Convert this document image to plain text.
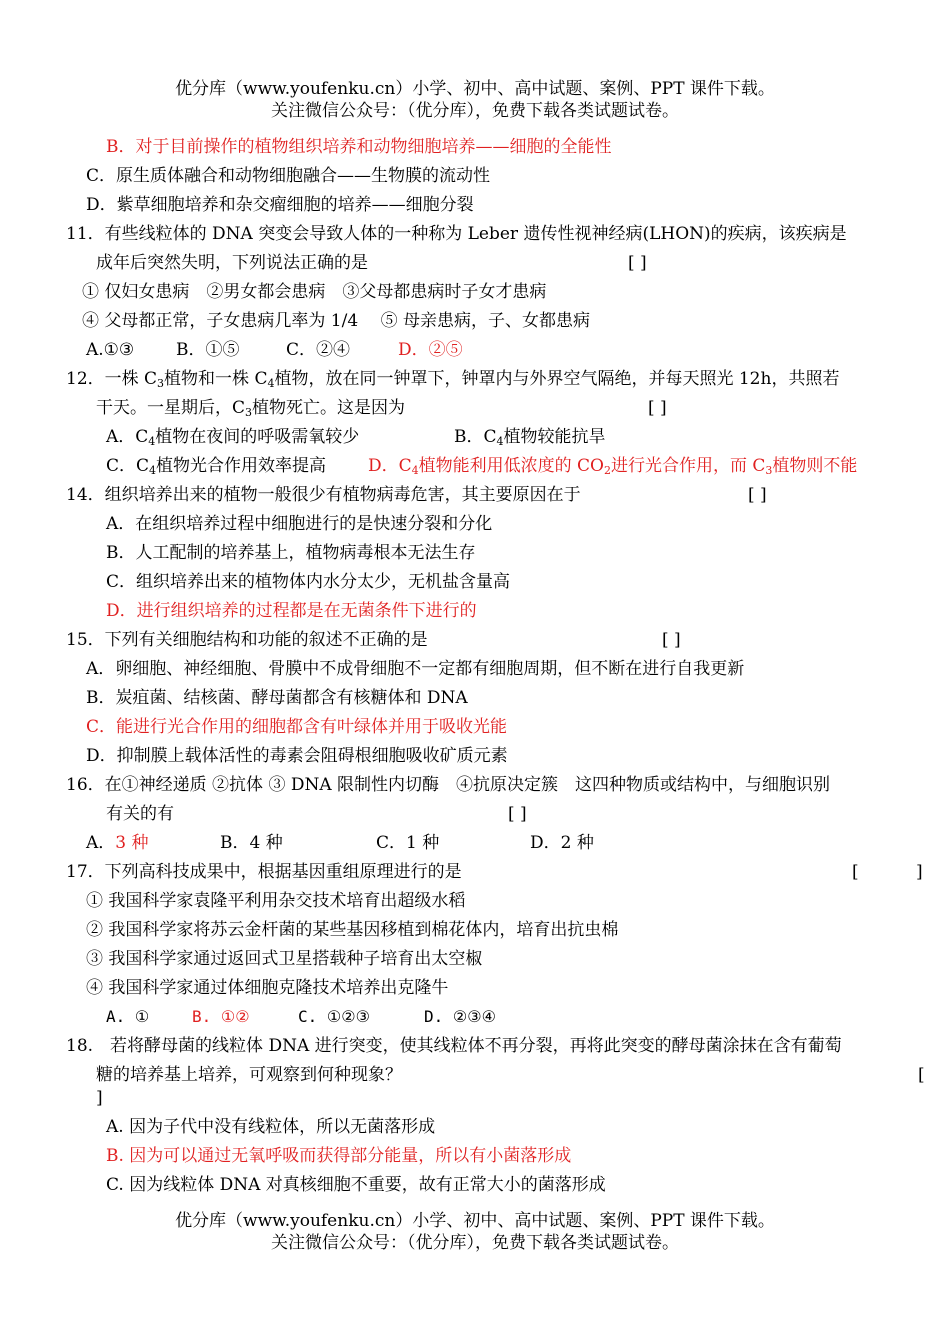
优分库（www.youfenku.cn）小学、初中、高中试题、案例、PPT 课件下载。
关注微信公众号：（优分库），免费下载各类试题试卷。
B．对于目前操作的植物组织培养和动物细胞培养——细胞的全能性
C．原生质体融合和动物细胞融合——生物膜的流动性
D．紫草细胞培养和杂交瘤细胞的培养——细胞分裂
11．有些线粒体的 DNA 突变会导致人体的一种称为 Leber 遗传性视神经病(LHON)的疾病，该疾病是
成年后突然失明，下列说法正确的是	[ ]
① 仅妇女患病　②男女都会患病　③父母都患病时子女才患病
④ 父母都正常，子女患病几率为 1/4　 ⑤ 母亲患病，子、女都患病
A.①③ B．①⑤	C．②④	D．②⑤
12．一株 $C_3$植物和一株 $C_4$植物，放在同一钟罩下，钟罩内与外界空气隔绝，并每天照光 12h，共照若
干天。一星期后，$C_3$植物死亡。这是因为	[ ]
A．$C_4$植物在夜间的呼吸需氧较少	B．$C_4$植物较能抗旱
C．$C_4$植物光合作用效率提高 D．$C_4$植物能利用低浓度的 $CO_2$进行光合作用，而 $C_3$植物则不能
14．组织培养出来的植物一般很少有植物病毒危害，其主要原因在于	[ ]
A．在组织培养过程中细胞进行的是快速分裂和分化
B．人工配制的培养基上，植物病毒根本无法生存
C．组织培养出来的植物体内水分太少，无机盐含量高
D．进行组织培养的过程都是在无菌条件下进行的
15．下列有关细胞结构和功能的叙述不正确的是	[ ]
A．卵细胞、神经细胞、骨膜中不成骨细胞不一定都有细胞周期，但不断在进行自我更新
B．炭疽菌、结核菌、酵母菌都含有核糖体和 DNA
C．能进行光合作用的细胞都含有叶绿体并用于吸收光能
D．抑制膜上载体活性的毒素会阻碍根细胞吸收矿质元素
16．在①神经递质 ②抗体 ③ DNA 限制性内切酶　④抗原决定簇　这四种物质或结构中，与细胞识别
有关的有	[ ]
A．3 种	B．4 种	C．1 种	D．2 种
17．下列高科技成果中，根据基因重组原理进行的是	[	]
① 我国科学家袁隆平利用杂交技术培育出超级水稻
② 我国科学家将苏云金杆菌的某些基因移植到棉花体内，培育出抗虫棉
③ 我国科学家通过返回式卫星搭载种子培育出太空椒
④ 我国科学家通过体细胞克隆技术培养出克隆牛
A. ①	B. ①②	C. ①②③	D. ②③④
18.　若将酵母菌的线粒体 DNA 进行突变，使其线粒体不再分裂，再将此突变的酵母菌涂抹在含有葡萄
糖的培养基上培养，可观察到何种现象？	[
]
A. 因为子代中没有线粒体，所以无菌落形成
B. 因为可以通过无氧呼吸而获得部分能量，所以有小菌落形成
C. 因为线粒体 DNA 对真核细胞不重要，故有正常大小的菌落形成
优分库（www.youfenku.cn）小学、初中、高中试题、案例、PPT 课件下载。
关注微信公众号：（优分库），免费下载各类试题试卷。
